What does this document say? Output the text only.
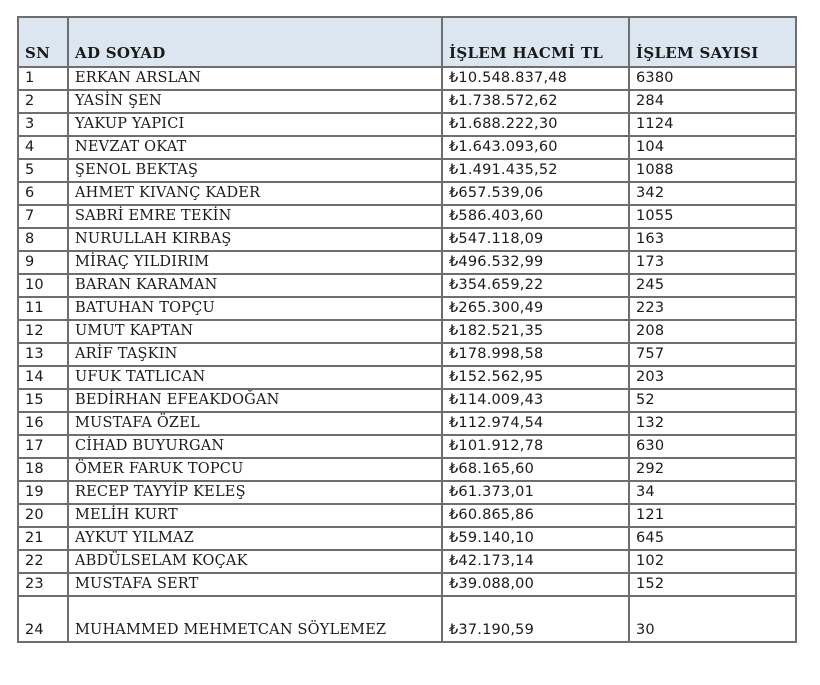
SN	AD SOYAD	İŞLEM HACMİ TL	İŞLEM SAYISI
1	ERKAN ARSLAN	₺10.548.837,48	6380
2	YASİN ŞEN	₺1.738.572,62	284
3	YAKUP YAPICI	₺1.688.222,30	1124
4	NEVZAT OKAT	₺1.643.093,60	104
5	ŞENOL BEKTAŞ	₺1.491.435,52	1088
6	AHMET KIVANÇ KADER	₺657.539,06	342
7	SABRİ EMRE TEKİN	₺586.403,60	1055
8	NURULLAH KIRBAŞ	₺547.118,09	163
9	MİRAÇ YILDIRIM	₺496.532,99	173
10	BARAN KARAMAN	₺354.659,22	245
11	BATUHAN TOPÇU	₺265.300,49	223
12	UMUT KAPTAN	₺182.521,35	208
13	ARİF TAŞKIN	₺178.998,58	757
14	UFUK TATLICAN	₺152.562,95	203
15	BEDİRHAN EFEAKDOĞAN	₺114.009,43	52
16	MUSTAFA ÖZEL	₺112.974,54	132
17	CİHAD BUYURGAN	₺101.912,78	630
18	ÖMER FARUK TOPCU	₺68.165,60	292
19	RECEP TAYYİP KELEŞ	₺61.373,01	34
20	MELİH KURT	₺60.865,86	121
21	AYKUT YILMAZ	₺59.140,10	645
22	ABDÜLSELAM KOÇAK	₺42.173,14	102
23	MUSTAFA SERT	₺39.088,00	152
24	MUHAMMED MEHMETCAN SÖYLEMEZ	₺37.190,59	30
